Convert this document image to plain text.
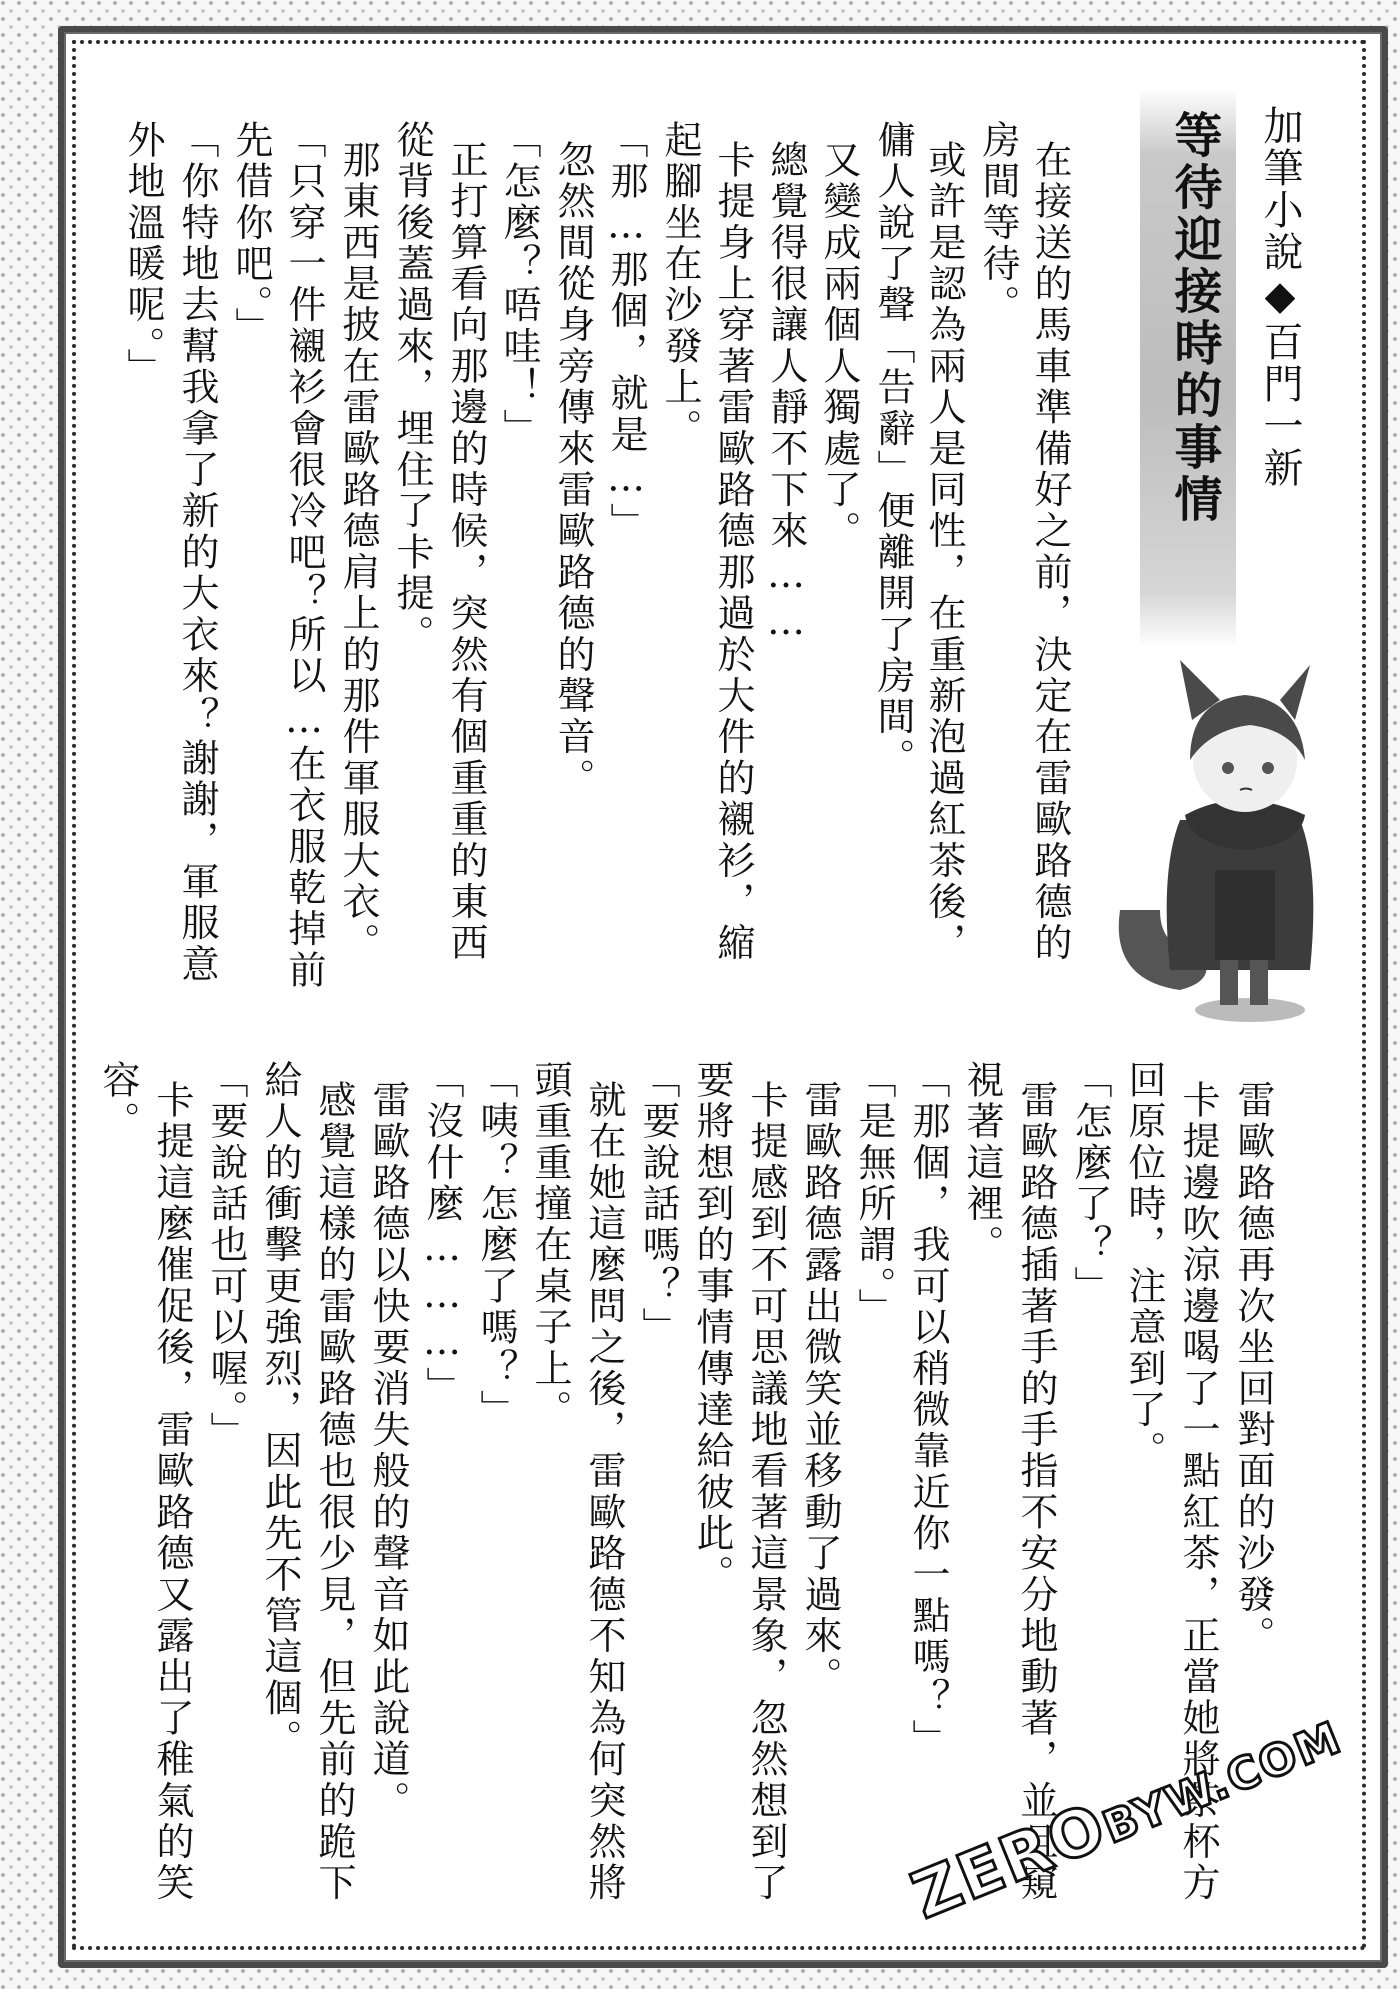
等待迎接時的事情 加筆小說◆百門一新
在接送的馬車準備好之前，決定在雷歐路德的
房間等待。
或許是認為兩人是同性，在重新泡過紅茶後，
傭人說了聲「告辭」便離開了房間。
又變成兩個人獨處了。
總覺得很讓人靜不下來……
卡提身上穿著雷歐路德那過於大件的襯衫，縮
起腳坐在沙發上。
「那…那個，就是…」
忽然間從身旁傳來雷歐路德的聲音。
「怎麼？唔哇！」
正打算看向那邊的時候，突然有個重重的東西
從背後蓋過來，埋住了卡提。
那東西是披在雷歐路德肩上的那件軍服大衣。
「只穿一件襯衫會很冷吧？所以…在衣服乾掉前
先借你吧。」
「你特地去幫我拿了新的大衣來？謝謝，軍服意
外地溫暖呢。」
雷歐路德再次坐回對面的沙發。
卡提邊吹涼邊喝了一點紅茶，正當她將茶杯方
回原位時，注意到了。
「怎麼了？」
雷歐路德插著手的手指不安分地動著，並且窺
視著這裡。
「那個，我可以稍微靠近你一點嗎？」
「是無所謂。」
雷歐路德露出微笑並移動了過來。
卡提感到不可思議地看著這景象，忽然想到了
要將想到的事情傳達給彼此。
「要說話嗎？」
就在她這麼問之後，雷歐路德不知為何突然將
頭重重撞在桌子上。
「咦？怎麼了嗎？」
「沒什麼………」
雷歐路德以快要消失般的聲音如此說道。
感覺這樣的雷歐路德也很少見，但先前的跪下
給人的衝擊更強烈，因此先不管這個。
「要說話也可以喔。」
卡提這麼催促後，雷歐路德又露出了稚氣的笑
容。
ZEROBYW.COM
